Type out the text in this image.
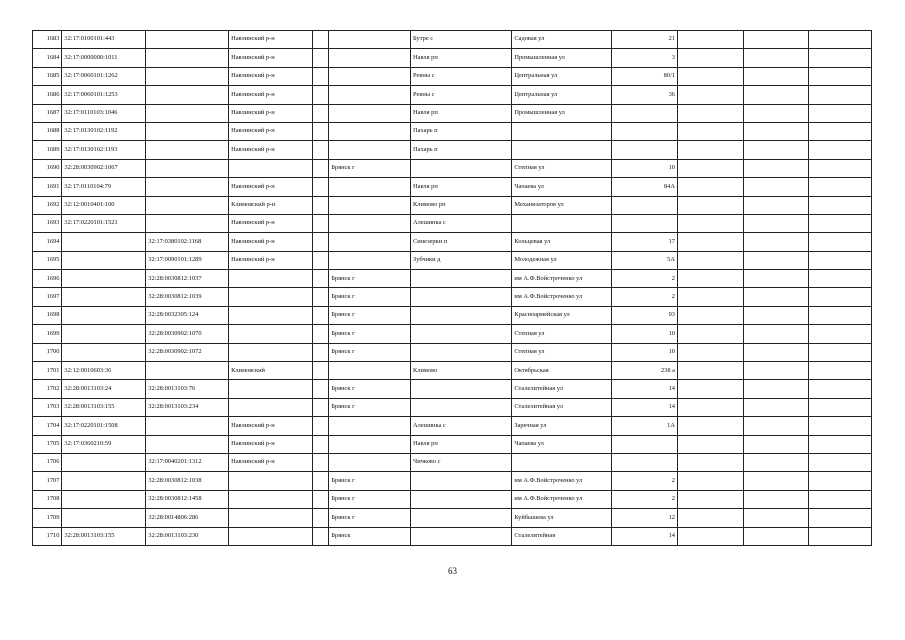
1683	32:17:0100101:443		Навлинский р-н			Бутре с	Садовая ул	21			
1684	32:17:0000000:1011		Навлинский р-н			Навля рп	Промышленная ул	3			
1685	32:17:0060101:1262		Навлинский р-н			Ревны с	Центральная ул	80/1			
1686	32:17:0060101:1253		Навлинский р-н			Ревны с	Центральная ул	36			
1687	32:17:0110103:1046		Навлинский р-н			Навля рп	Промышленная ул				
1688	32:17:0130102:1192		Навлинский р-н			Пахарь п					
1689	32:17:0130102:1193		Навлинский р-н			Пахарь п					
1690	32:28:0030902:1067				Брянск г		Степная ул	10			
1691	32:17:0110104:79		Навлинский р-н			Навля рп	Чапаева ул	84А			
1692	32:12:0010401:100		Климовский р-н			Климово рп	Механизаторов ул				
1693	32:17:0220101:1521		Навлинский р-н			Алешинка с					
1694		32:17:0380102:1168	Навлинский р-н			Синезерки п	Кольцевая ул	17			
1695		32:17:0090101:1289	Навлинский р-н			Зубчики д	Молодежная ул	5А			
1696		32:28:0030812:1037			Брянск г		им А.Ф.Войстроченко ул	2			
1697		32:28:0030812:1039			Брянск г		им А.Ф.Войстроченко ул	2			
1698		32:28:0032305:124			Брянск г		Красноармейская ул	93			
1699		32:28:0030902:1070			Брянск г		Степная ул	10			
1700		32:28:0030902:1072			Брянск г		Степная ул	10			
1701	32:12:0010603:36		Климовский			Климово	Октябрьская	238 а			
1702	32:28:0013103:24	32:28:0013103:76			Брянск г		Сталелитейная ул	14			
1703	32:28:0013103:155	32:28:0013103:234			Брянск г		Сталелитейная ул	14			
1704	32:17:0220101:1508		Навлинский р-н			Алешинка с	Заречная ул	1А			
1705	32:17:0360210:59		Навлинский р-н			Навля рп	Чапаева ул				
1706		32:17:0040201:1312	Навлинский р-н			Чичково с					
1707		32:28:0030812:1038			Брянск г		им А.Ф.Войстроченко ул	2			
1708		32:28:0030812:1458			Брянск г		им А.Ф.Войстроченко ул	2			
1709		32:28:0014806:286			Брянск г		Куйбышева ул	12			
1710	32:28:0013103:155	32:28:0013103:230			Брянск		Сталелитейная	14			
63
